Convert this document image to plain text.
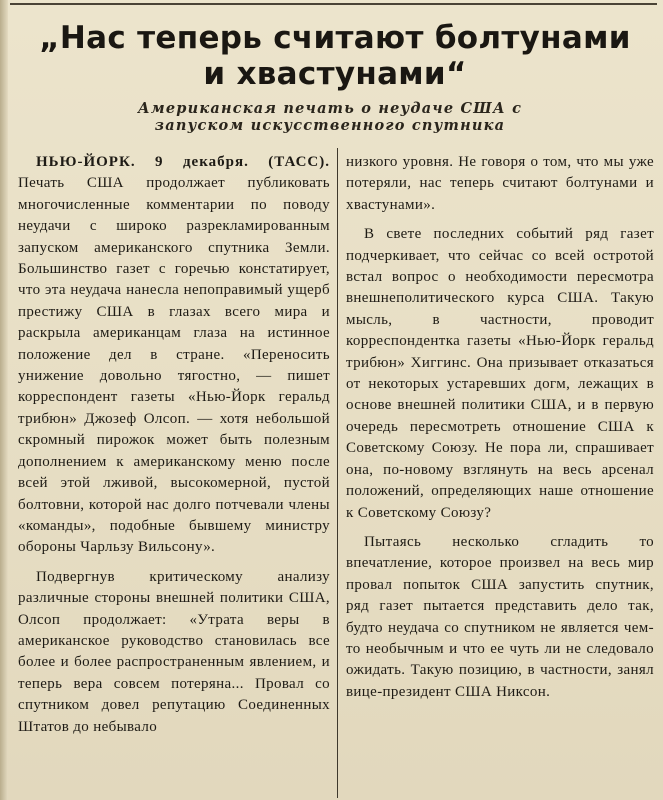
„Нас теперь считают болтунами и хвастунами“
Американская печать о неудаче США с запуском искусственного спутника

НЬЮ-ЙОРК. 9 декабря. (ТАСС). Печать США продолжает публиковать многочисленные комментарии по поводу неудачи с широко разрекламированным запуском американского спутника Земли. Большинство газет с горечью констатирует, что эта неудача нанесла непоправимый ущерб престижу США в глазах всего мира и раскрыла американцам глаза на истинное положение дел в стране. «Переносить унижение довольно тягостно, — пишет корреспондент газеты «Нью-Йорк геральд трибюн» Джозеф Олсоп. — хотя небольшой скромный пирожок может быть полезным дополнением к американскому меню после всей этой лживой, высокомерной, пустой болтовни, которой нас долго потчевали члены «команды», подобные бывшему министру обороны Чарльзу Вильсону».

Подвергнув критическому анализу различные стороны внешней политики США, Олсоп продолжает: «Утрата веры в американское руководство становилась все более и более распространенным явлением, и теперь вера совсем потеряна... Провал со спутником довел репутацию Соединенных Штатов до небывало

низкого уровня. Не говоря о том, что мы уже потеряли, нас теперь считают болтунами и хвастунами».

В свете последних событий ряд газет подчеркивает, что сейчас со всей остротой встал вопрос о необходимости пересмотра внешнеполитического курса США. Такую мысль, в частности, проводит корреспондентка газеты «Нью-Йорк геральд трибюн» Хиггинс. Она призывает отказаться от некоторых устаревших догм, лежащих в основе внешней политики США, и в первую очередь пересмотреть отношение США к Советскому Союзу. Не пора ли, спрашивает она, по-новому взглянуть на весь арсенал положений, определяющих наше отношение к Советскому Союзу?

Пытаясь несколько сгладить то впечатление, которое произвел на весь мир провал попыток США запустить спутник, ряд газет пытается представить дело так, будто неудача со спутником не является чем-то необычным и что ее чуть ли не следовало ожидать. Такую позицию, в частности, занял вице-президент США Никсон.
